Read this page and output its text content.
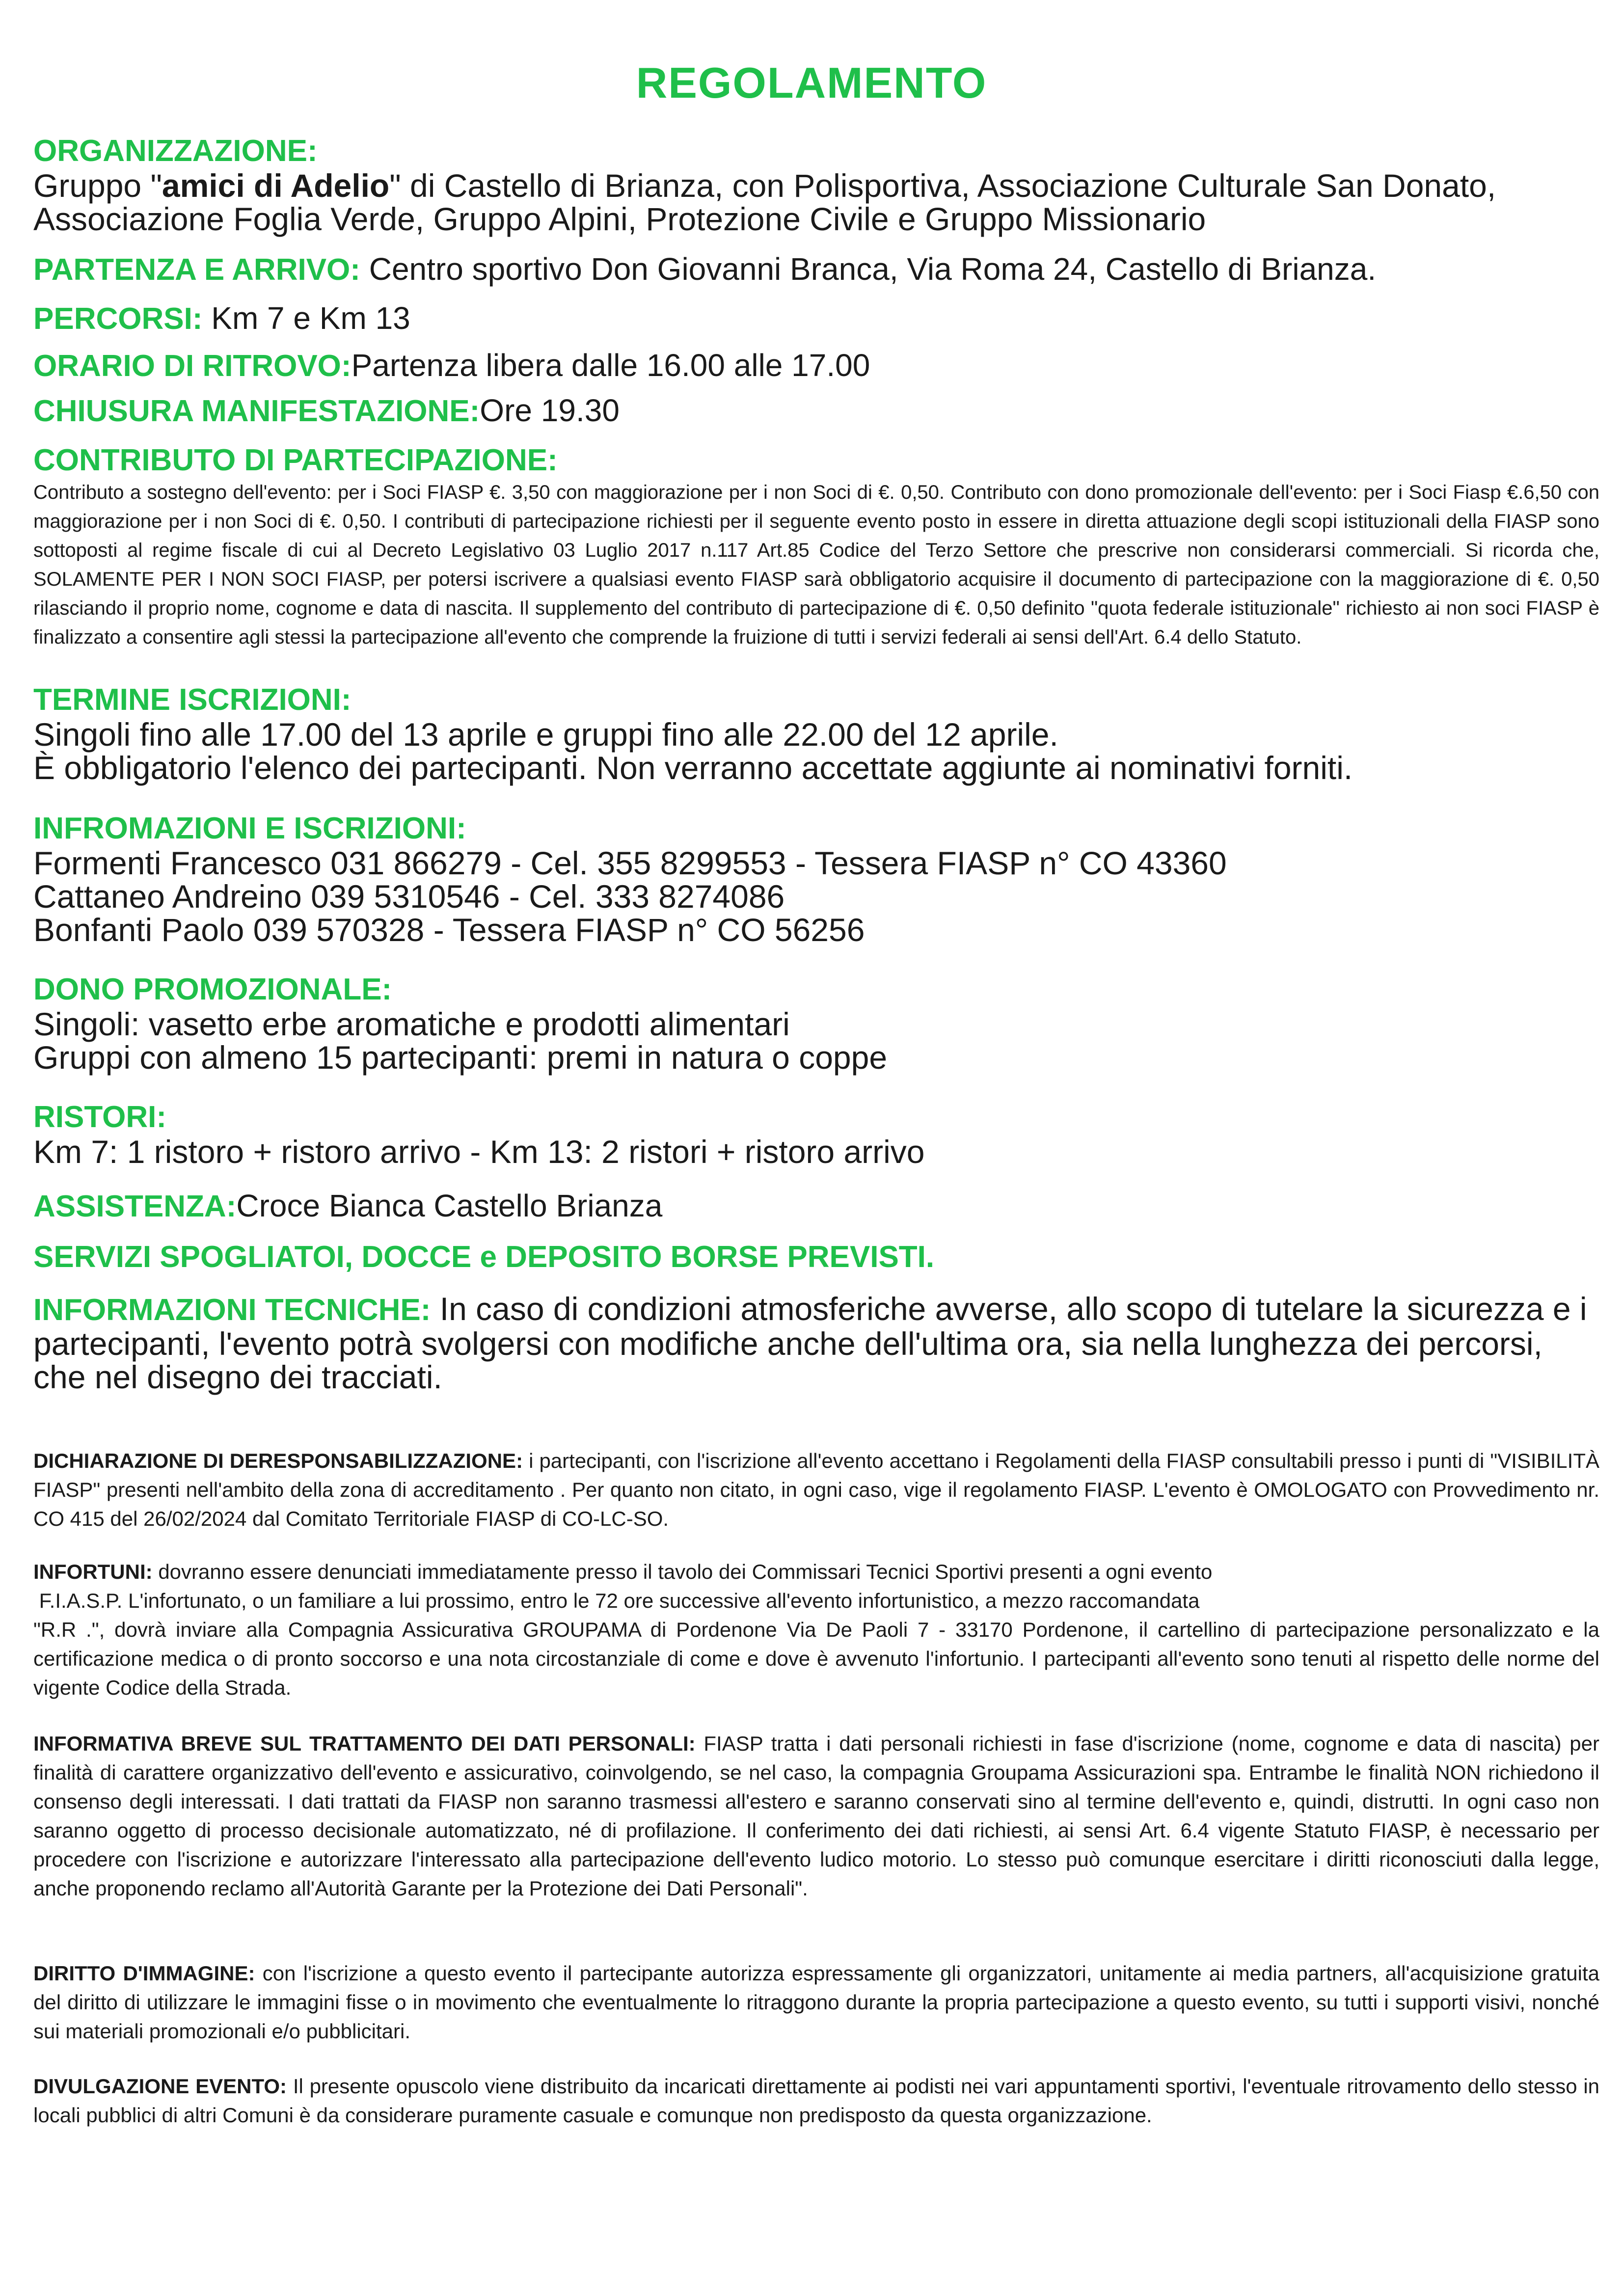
REGOLAMENTO
ORGANIZZAZIONE:
Gruppo "amici di Adelio" di Castello di Brianza, con Polisportiva, Associazione Culturale San Donato, Associazione Foglia Verde, Gruppo Alpini, Protezione Civile e Gruppo Missionario
PARTENZA E ARRIVO: Centro sportivo Don Giovanni Branca, Via Roma 24, Castello di Brianza.
PERCORSI: Km 7 e Km 13
ORARIO DI RITROVO:Partenza libera dalle 16.00 alle 17.00
CHIUSURA MANIFESTAZIONE:Ore 19.30
CONTRIBUTO DI PARTECIPAZIONE:
Contributo a sostegno dell'evento: per i Soci FIASP €. 3,50 con maggiorazione per i non Soci di €. 0,50. Contributo con dono promozionale dell'evento: per i Soci Fiasp €.6,50 con maggiorazione per i non Soci di €. 0,50. I contributi di partecipazione richiesti per il seguente evento posto in essere in diretta attuazione degli scopi istituzionali della FIASP sono sottoposti al regime fiscale di cui al Decreto Legislativo 03 Luglio 2017 n.117 Art.85 Codice del Terzo Settore che prescrive non considerarsi commerciali. Si ricorda che, SOLAMENTE PER I NON SOCI FIASP, per potersi iscrivere a qualsiasi evento FIASP sarà obbligatorio acquisire il documento di partecipazione con la maggiorazione di €. 0,50 rilasciando il proprio nome, cognome e data di nascita. Il supplemento del contributo di partecipazione di €. 0,50 definito "quota federale istituzionale" richiesto ai non soci FIASP è finalizzato a consentire agli stessi la partecipazione all'evento che comprende la fruizione di tutti i servizi federali ai sensi dell'Art. 6.4 dello Statuto.
TERMINE ISCRIZIONI:
Singoli fino alle 17.00 del 13 aprile e gruppi fino alle 22.00 del 12 aprile.
È obbligatorio l'elenco dei partecipanti. Non verranno accettate aggiunte ai nominativi forniti.
INFROMAZIONI E ISCRIZIONI:
Formenti Francesco 031 866279 - Cel. 355 8299553 - Tessera FIASP n° CO 43360
Cattaneo Andreino 039 5310546 - Cel. 333 8274086
Bonfanti Paolo 039 570328 - Tessera FIASP n° CO 56256
DONO PROMOZIONALE:
Singoli: vasetto erbe aromatiche e prodotti alimentari
Gruppi con almeno 15 partecipanti: premi in natura o coppe
RISTORI:
Km 7: 1 ristoro + ristoro arrivo - Km 13: 2 ristori + ristoro arrivo
ASSISTENZA:Croce Bianca Castello Brianza
SERVIZI SPOGLIATOI, DOCCE e DEPOSITO BORSE PREVISTI.
INFORMAZIONI TECNICHE: In caso di condizioni atmosferiche avverse, allo scopo di tutelare la sicurezza e i partecipanti, l'evento potrà svolgersi con modifiche anche dell'ultima ora, sia nella lunghezza dei percorsi, che nel disegno dei tracciati.
DICHIARAZIONE DI DERESPONSABILIZZAZIONE: i partecipanti, con l'iscrizione all'evento accettano i Regolamenti della FIASP consultabili presso i punti di "VISIBILITÀ FIASP" presenti nell'ambito della zona di accreditamento . Per quanto non citato, in ogni caso, vige il regolamento FIASP. L'evento è OMOLOGATO con Provvedimento nr. CO 415 del 26/02/2024 dal Comitato Territoriale FIASP di CO-LC-SO.
INFORTUNI: dovranno essere denunciati immediatamente presso il tavolo dei Commissari Tecnici Sportivi presenti a ogni evento
F.I.A.S.P. L'infortunato, o un familiare a lui prossimo, entro le 72 ore successive all'evento infortunistico, a mezzo raccomandata
"R.R .", dovrà inviare alla Compagnia Assicurativa GROUPAMA di Pordenone Via De Paoli 7 - 33170 Pordenone, il cartellino di partecipazione personalizzato e la certificazione medica o di pronto soccorso e una nota circostanziale di come e dove è avvenuto l'infortunio. I partecipanti all'evento sono tenuti al rispetto delle norme del vigente Codice della Strada.
INFORMATIVA BREVE SUL TRATTAMENTO DEI DATI PERSONALI: FIASP tratta i dati personali richiesti in fase d'iscrizione (nome, cognome e data di nascita) per finalità di carattere organizzativo dell'evento e assicurativo, coinvolgendo, se nel caso, la compagnia Groupama Assicurazioni spa. Entrambe le finalità NON richiedono il consenso degli interessati. I dati trattati da FIASP non saranno trasmessi all'estero e saranno conservati sino al termine dell'evento e, quindi, distrutti. In ogni caso non saranno oggetto di processo decisionale automatizzato, né di profilazione. Il conferimento dei dati richiesti, ai sensi Art. 6.4 vigente Statuto FIASP, è necessario per procedere con l'iscrizione e autorizzare l'interessato alla partecipazione dell'evento ludico motorio. Lo stesso può comunque esercitare i diritti riconosciuti dalla legge, anche proponendo reclamo all'Autorità Garante per la Protezione dei Dati Personali".
DIRITTO D'IMMAGINE: con l'iscrizione a questo evento il partecipante autorizza espressamente gli organizzatori, unitamente ai media partners, all'acquisizione gratuita del diritto di utilizzare le immagini fisse o in movimento che eventualmente lo ritraggono durante la propria partecipazione a questo evento, su tutti i supporti visivi, nonché sui materiali promozionali e/o pubblicitari.
DIVULGAZIONE EVENTO: Il presente opuscolo viene distribuito da incaricati direttamente ai podisti nei vari appuntamenti sportivi, l'eventuale ritrovamento dello stesso in locali pubblici di altri Comuni è da considerare puramente casuale e comunque non predisposto da questa organizzazione.
